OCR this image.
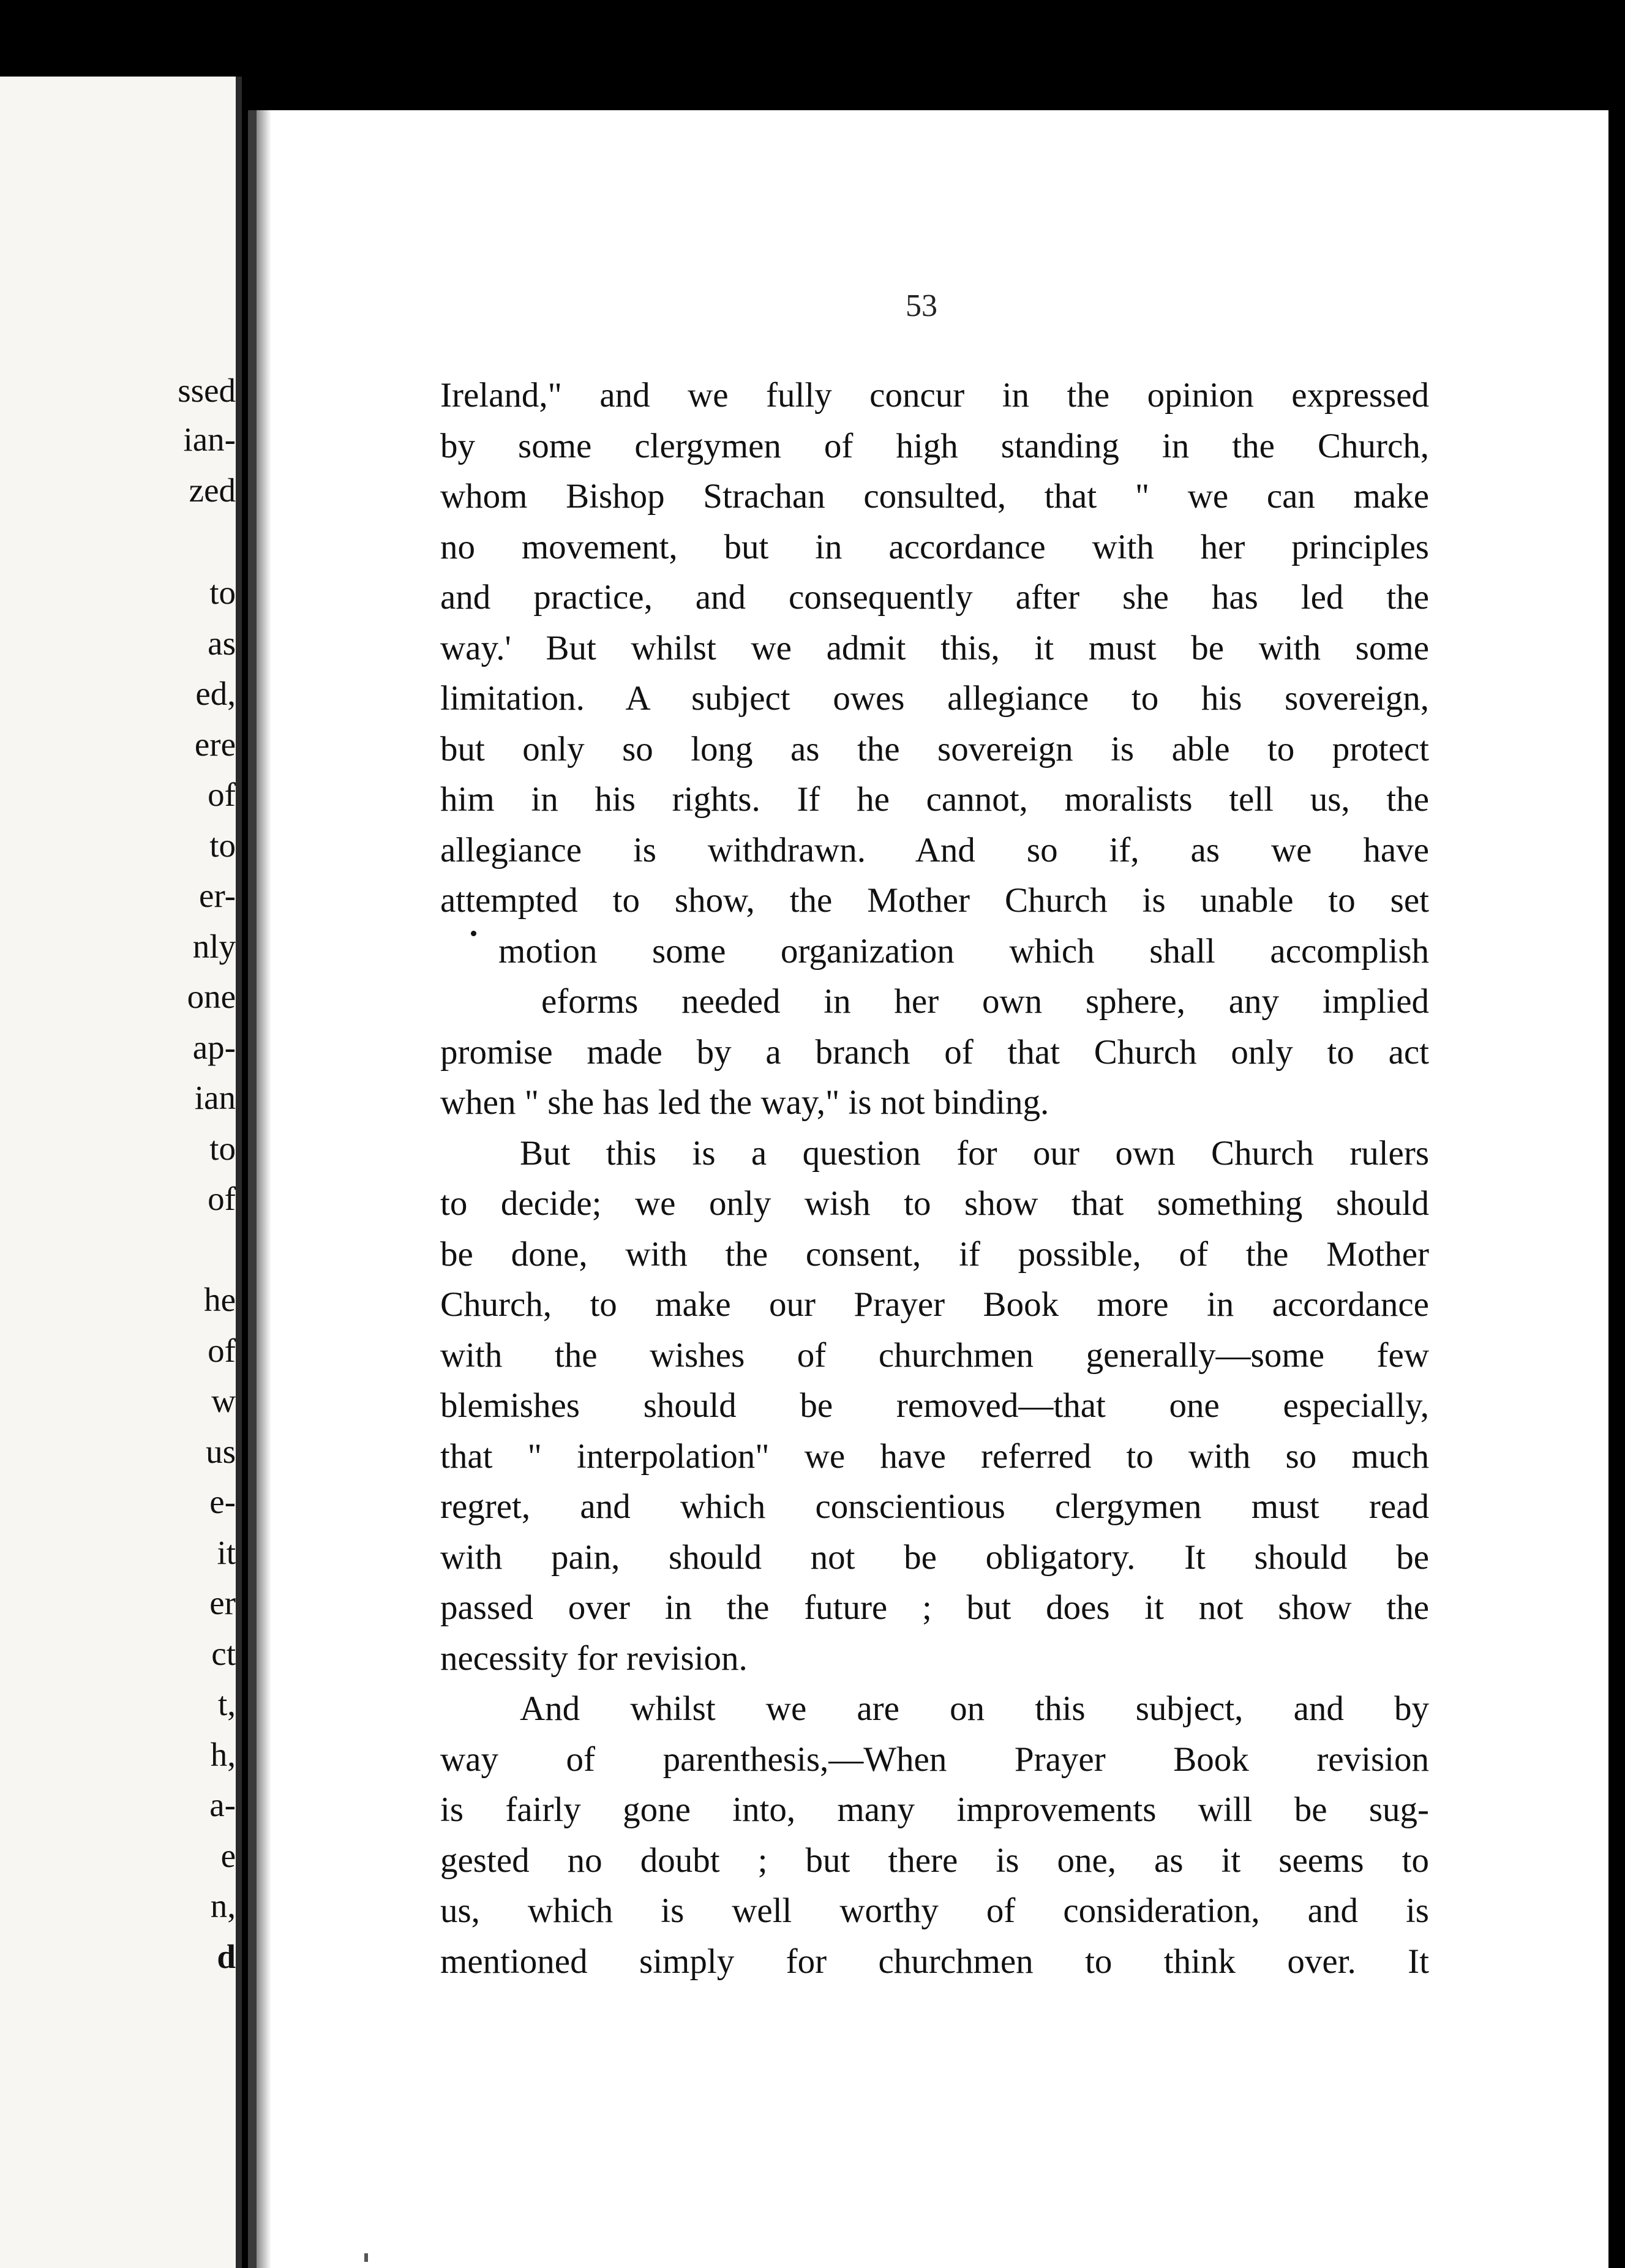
ssed
ian-
zed
to
as
ed,
ere
of
to
er-
nly
one
ap-
ian
to
of
he
of
w
us
e-
it
er
ct
t,
h,
a-
e
n,
d
53
Ireland," and we fully concur in the opinion expressed
by some clergymen of high standing in the Church,
whom Bishop Strachan consulted, that " we can make
no movement, but in accordance with her principles
and practice, and consequently after she has led the
way.' But whilst we admit this, it must be with some
limitation. A subject owes allegiance to his sovereign,
but only so long as the sovereign is able to protect
him in his rights. If he cannot, moralists tell us, the
allegiance is withdrawn. And so if, as we have
attempted to show, the Mother Church is unable to set
motion some organization which shall accomplish
eforms needed in her own sphere, any implied
promise made by a branch of that Church only to act
when " she has led the way," is not binding.
But this is a question for our own Church rulers
to decide; we only wish to show that something should
be done, with the consent, if possible, of the Mother
Church, to make our Prayer Book more in accordance
with the wishes of churchmen generally—some few
blemishes should be removed—that one especially,
that " interpolation" we have referred to with so much
regret, and which conscientious clergymen must read
with pain, should not be obligatory. It should be
passed over in the future ; but does it not show the
necessity for revision.
And whilst we are on this subject, and by
way of parenthesis,—When Prayer Book revision
is fairly gone into, many improvements will be sug-
gested no doubt ; but there is one, as it seems to
us, which is well worthy of consideration, and is
mentioned simply for churchmen to think over. It
